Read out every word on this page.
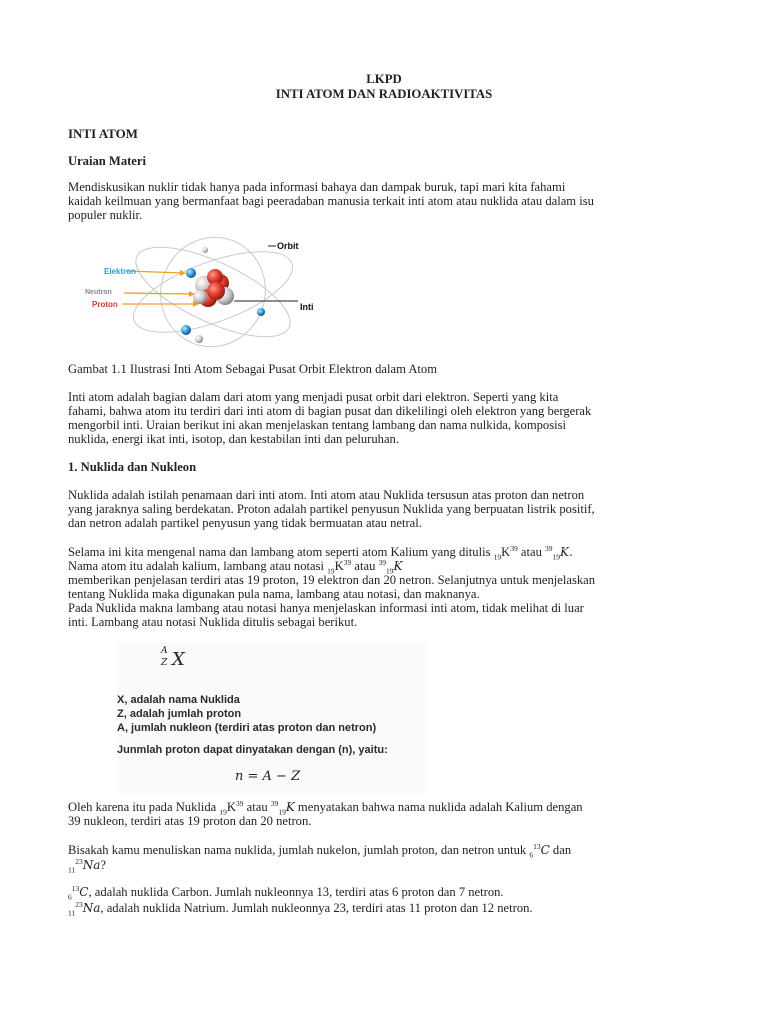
LKPD

INTI ATOM DAN RADIOAKTIVITAS

INTI ATOM

Uraian Materi

Mendiskusikan nuklir tidak hanya pada informasi bahaya dan dampak buruk, tapi mari kita fahami

kaidah keilmuan yang bermanfaat bagi peeradaban manusia terkait inti atom atau nuklida atau dalam isu

populer nuklir.

Elektron
Neutron
Proton
Orbit
Inti

Gambat 1.1 Ilustrasi Inti Atom Sebagai Pusat Orbit Elektron dalam Atom

Inti atom adalah bagian dalam dari atom yang menjadi pusat orbit dari elektron. Seperti yang kita

fahami, bahwa atom itu terdiri dari inti atom di bagian pusat dan dikelilingi oleh elektron yang bergerak

mengorbil inti. Uraian berikut ini akan menjelaskan tentang lambang dan nama nulkida, komposisi

nuklida, energi ikat inti, isotop, dan kestabilan inti dan peluruhan.

1. Nuklida dan Nukleon

Nuklida adalah istilah penamaan dari inti atom. Inti atom atau Nuklida tersusun atas proton dan netron

yang jaraknya saling berdekatan. Proton adalah partikel penyusun Nuklida yang berpuatan listrik positif,

dan netron adalah partikel penyusun yang tidak bermuatan atau netral.

Selama ini kita mengenal nama dan lambang atom seperti atom Kalium yang ditulis $_{19}K^{39}$ atau $^{39}_{19}$K.

Nama atom itu adalah kalium, lambang atau notasi $_{19}K^{39}$ atau $^{39}_{19}$K

memberikan penjelasan terdiri atas 19 proton, 19 elektron dan 20 netron. Selanjutnya untuk menjelaskan

tentang Nuklida maka digunakan pula nama, lambang atau notasi, dan maknanya.

Pada Nuklida makna lambang atau notasi hanya menjelaskan informasi inti atom, tidak melihat di luar

inti. Lambang atau notasi Nuklida ditulis sebagai berikut.

A
Z X
X, adalah nama Nuklida
Z, adalah jumlah proton
A, jumlah nukleon (terdiri atas proton dan netron)
Junmlah proton dapat dinyatakan dengan (n), yaitu:
n = A − Z

Oleh karena itu pada Nuklida $_{19}K^{39}$ atau $^{39}_{19}$K menyatakan bahwa nama nuklida adalah Kalium dengan

39 nukleon, terdiri atas 19 proton dan 20 netron.

Bisakah kamu menuliskan nama nuklida, jumlah nukelon, jumlah proton, dan netron untuk $_6^{13}$C dan

$_{11}^{23}$Na?

$_6^{13}$C, adalah nuklida Carbon. Jumlah nukleonnya 13, terdiri atas 6 proton dan 7 netron.

$_{11}^{23}$Na, adalah nuklida Natrium. Jumlah nukleonnya 23, terdiri atas 11 proton dan 12 netron.
